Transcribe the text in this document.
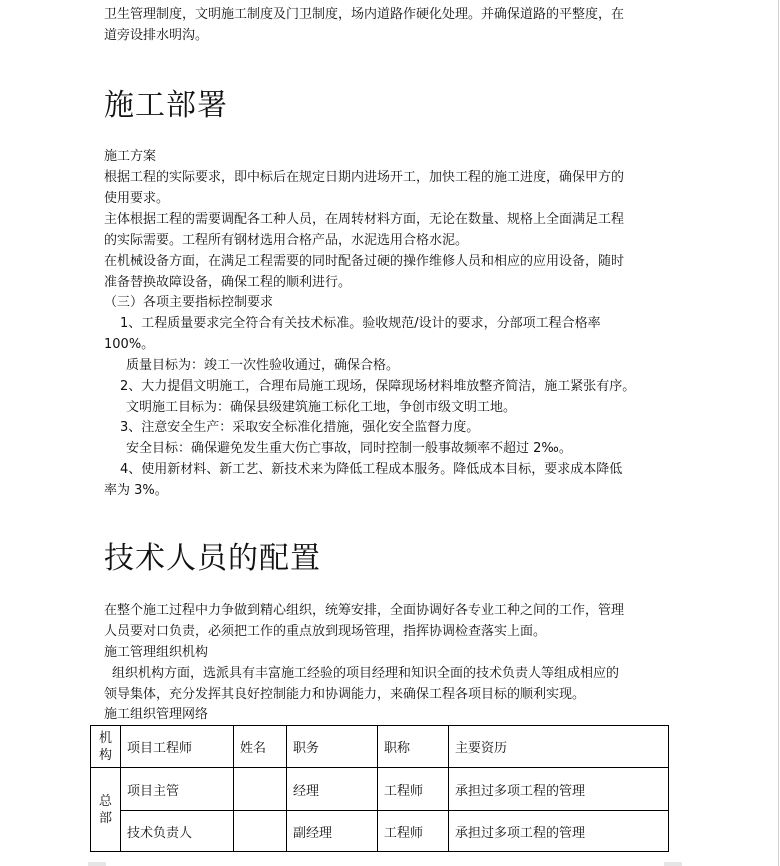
卫生管理制度，文明施工制度及门卫制度，场内道路作硬化处理。并确保道路的平整度，在
道旁设排水明沟。
施工部署
施工方案
根据工程的实际要求，即中标后在规定日期内进场开工，加快工程的施工进度，确保甲方的
使用要求。
主体根据工程的需要调配各工种人员，在周转材料方面，无论在数量、规格上全面满足工程
的实际需要。工程所有钢材选用合格产品，水泥选用合格水泥。
在机械设备方面，在满足工程需要的同时配备过硬的操作维修人员和相应的应用设备，随时
准备替换故障设备，确保工程的顺利进行。
（三）各项主要指标控制要求
1、工程质量要求完全符合有关技术标准。验收规范/设计的要求，分部项工程合格率
100%。
质量目标为：竣工一次性验收通过，确保合格。
2、大力提倡文明施工，合理布局施工现场，保障现场材料堆放整齐简洁，施工紧张有序。
文明施工目标为：确保县级建筑施工标化工地，争创市级文明工地。
3、注意安全生产：采取安全标准化措施，强化安全监督力度。
安全目标：确保避免发生重大伤亡事故，同时控制一般事故频率不超过 2‰。
4、使用新材料、新工艺、新技术来为降低工程成本服务。降低成本目标，要求成本降低
率为 3%。
技术人员的配置
在整个施工过程中力争做到精心组织，统筹安排，全面协调好各专业工种之间的工作，管理
人员要对口负责，必须把工作的重点放到现场管理，指挥协调检查落实上面。
施工管理组织机构
组织机构方面，选派具有丰富施工经验的项目经理和知识全面的技术负责人等组成相应的
领导集体，充分发挥其良好控制能力和协调能力，来确保工程各项目标的顺利实现。
施工组织管理网络
机
构	项目工程师	姓名	职务	职称	主要资历
总
部	项目主管		经理	工程师	承担过多项工程的管理
	技术负责人		副经理	工程师	承担过多项工程的管理
